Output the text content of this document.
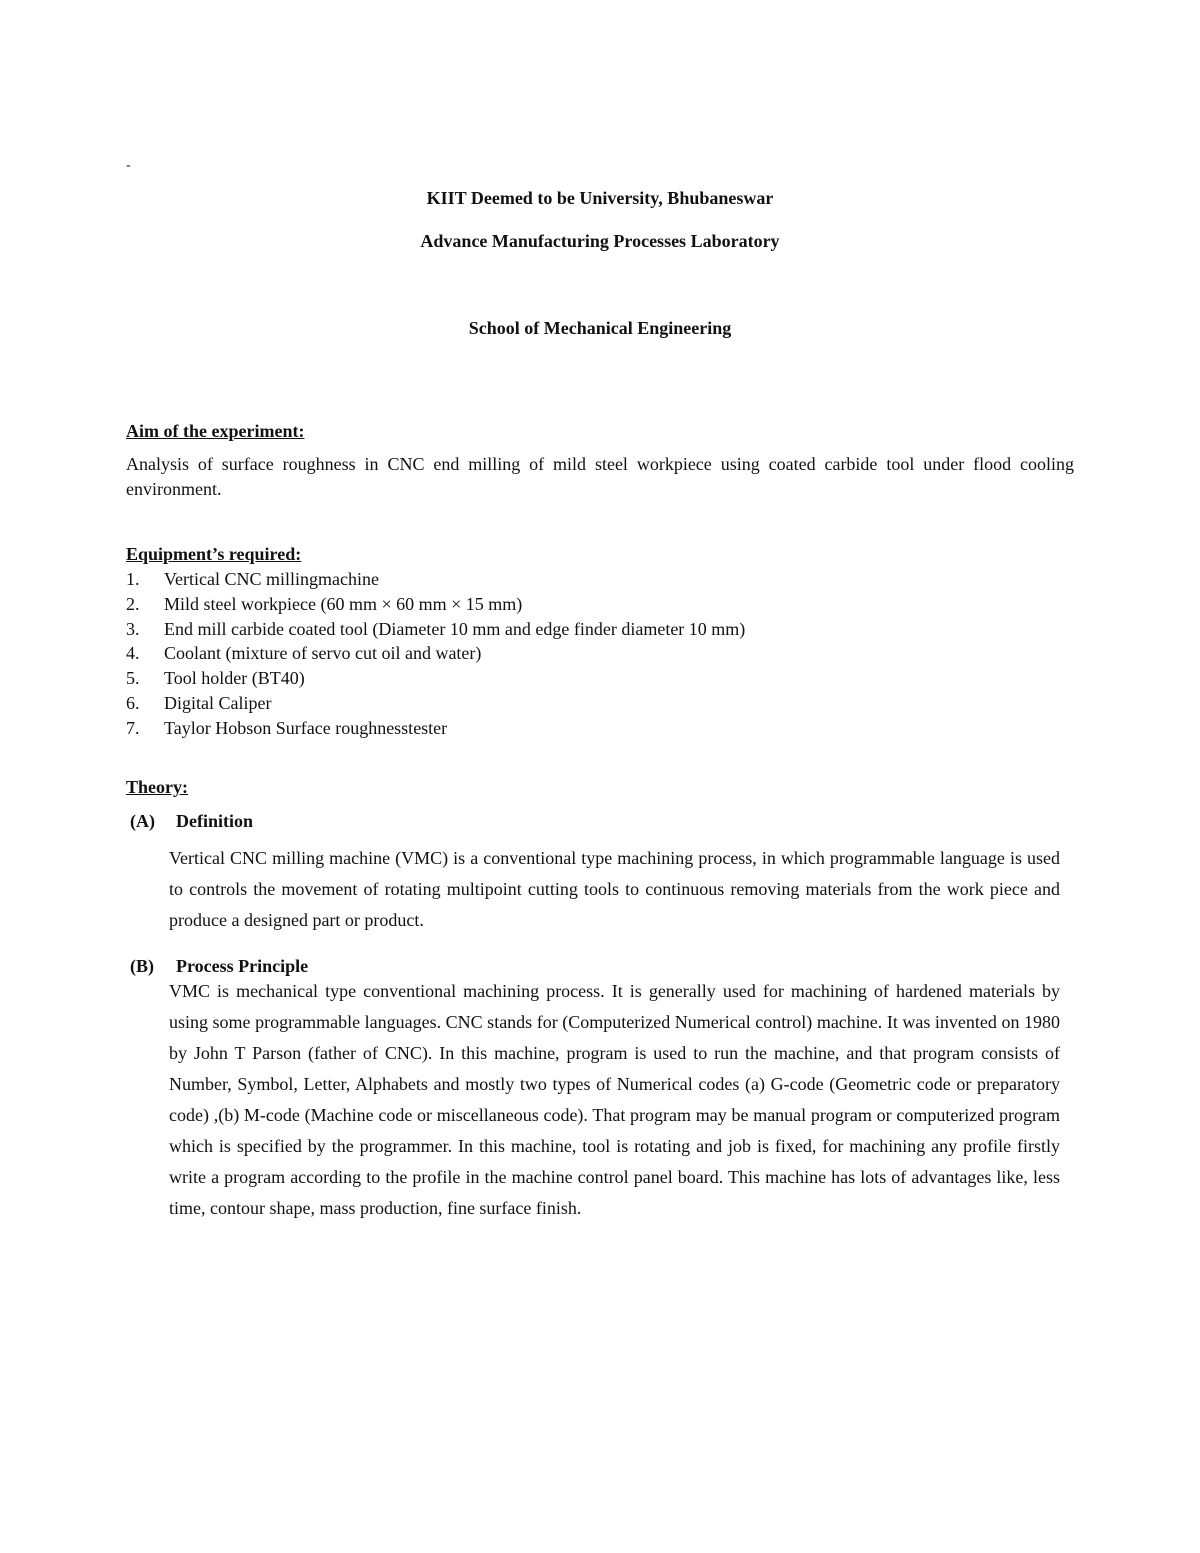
-
KIIT Deemed to be University, Bhubaneswar
Advance Manufacturing Processes Laboratory
School of Mechanical Engineering
Aim of the experiment:
Analysis of surface roughness in CNC end milling of mild steel workpiece using coated carbide tool under flood cooling environment.
Equipment’s required:
1. Vertical CNC millingmachine
2. Mild steel workpiece (60 mm × 60 mm × 15 mm)
3. End mill carbide coated tool (Diameter 10 mm and edge finder diameter 10 mm)
4. Coolant (mixture of servo cut oil and water)
5. Tool holder (BT40)
6. Digital Caliper
7. Taylor Hobson Surface roughnesstester
Theory:
(A) Definition
Vertical CNC milling machine (VMC) is a conventional type machining process, in which programmable language is used to controls the movement of rotating multipoint cutting tools to continuous removing materials from the work piece and produce a designed part or product.
(B) Process Principle
VMC is mechanical type conventional machining process. It is generally used for machining of hardened materials by using some programmable languages. CNC stands for (Computerized Numerical control) machine. It was invented on 1980 by John T Parson (father of CNC). In this machine, program is used to run the machine, and that program consists of Number, Symbol, Letter, Alphabets and mostly two types of Numerical codes (a) G-code (Geometric code or preparatory code) ,(b) M-code (Machine code or miscellaneous code). That program may be manual program or computerized program which is specified by the programmer. In this machine, tool is rotating and job is fixed, for machining any profile firstly write a program according to the profile in the machine control panel board. This machine has lots of advantages like, less time, contour shape, mass production, fine surface finish.
